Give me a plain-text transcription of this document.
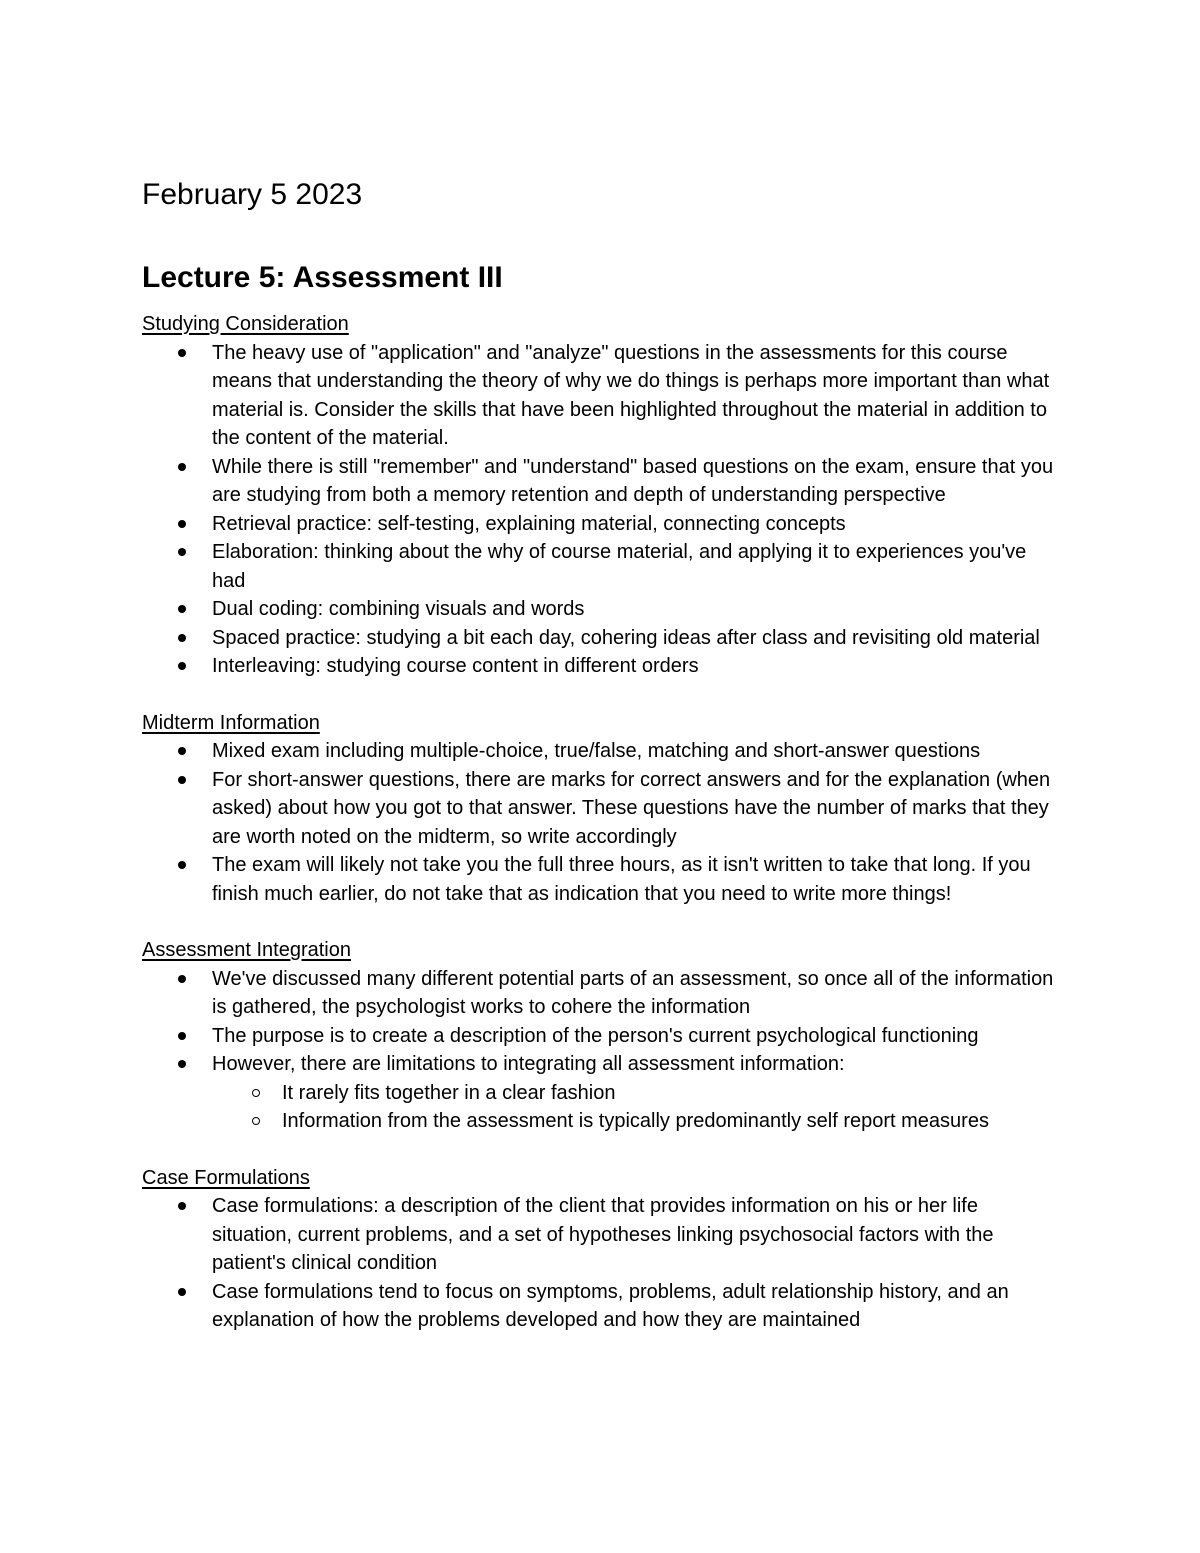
February 5 2023
Lecture 5: Assessment III
Studying Consideration
The heavy use of "application" and "analyze" questions in the assessments for this course means that understanding the theory of why we do things is perhaps more important than what material is. Consider the skills that have been highlighted throughout the material in addition to the content of the material.
While there is still "remember" and "understand" based questions on the exam, ensure that you are studying from both a memory retention and depth of understanding perspective
Retrieval practice: self-testing, explaining material, connecting concepts
Elaboration: thinking about the why of course material, and applying it to experiences you've had
Dual coding: combining visuals and words
Spaced practice: studying a bit each day, cohering ideas after class and revisiting old material
Interleaving: studying course content in different orders
Midterm Information
Mixed exam including multiple-choice, true/false, matching and short-answer questions
For short-answer questions, there are marks for correct answers and for the explanation (when asked) about how you got to that answer. These questions have the number of marks that they are worth noted on the midterm, so write accordingly
The exam will likely not take you the full three hours, as it isn't written to take that long. If you finish much earlier, do not take that as indication that you need to write more things!
Assessment Integration
We've discussed many different potential parts of an assessment, so once all of the information is gathered, the psychologist works to cohere the information
The purpose is to create a description of the person's current psychological functioning
However, there are limitations to integrating all assessment information:
It rarely fits together in a clear fashion
Information from the assessment is typically predominantly self report measures
Case Formulations
Case formulations: a description of the client that provides information on his or her life situation, current problems, and a set of hypotheses linking psychosocial factors with the patient's clinical condition
Case formulations tend to focus on symptoms, problems, adult relationship history, and an explanation of how the problems developed and how they are maintained
